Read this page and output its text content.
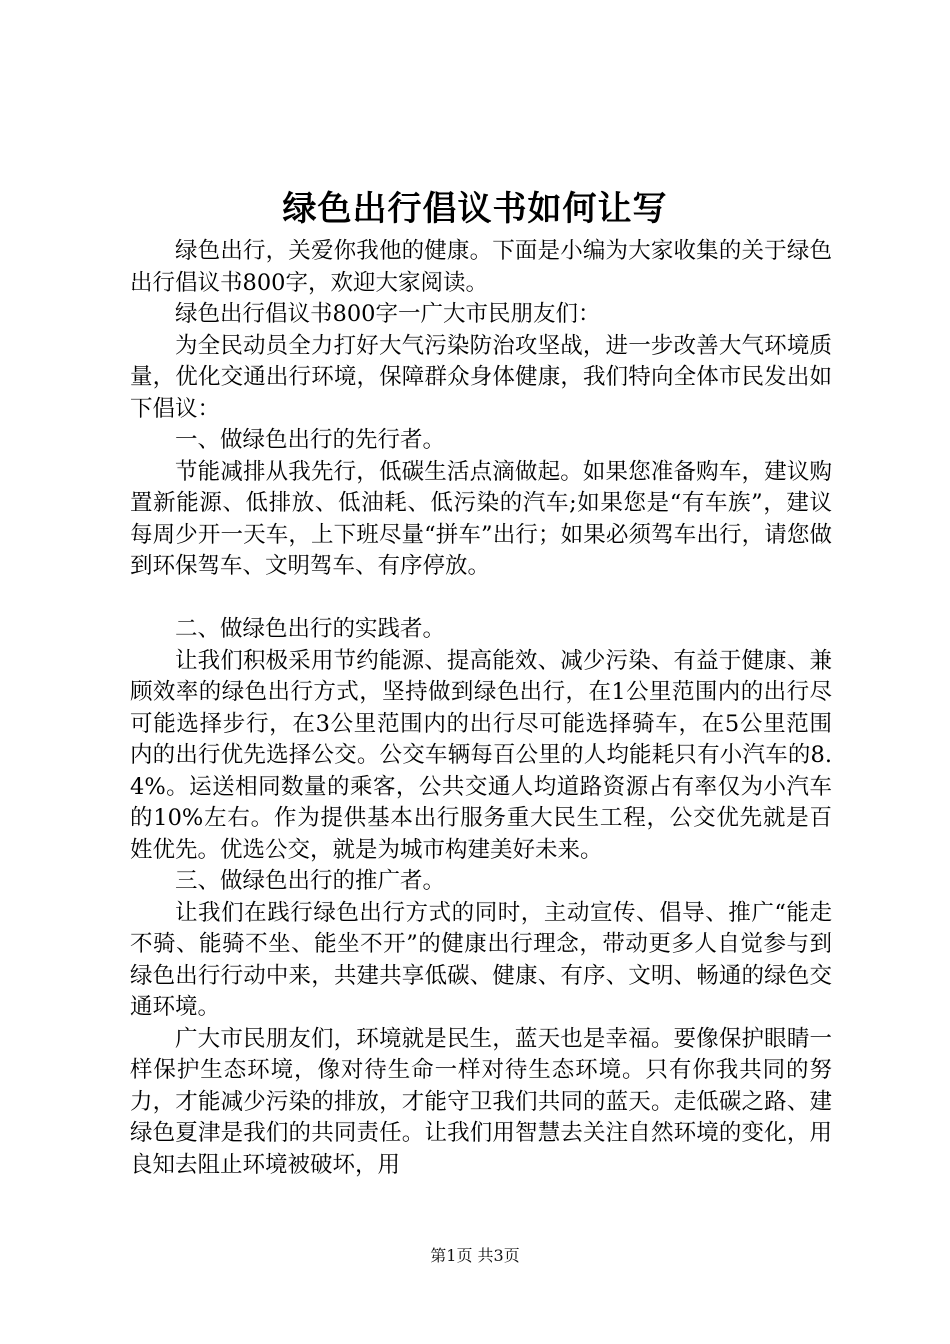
绿色出行倡议书如何让写

绿色出行，关爱你我他的健康。下面是小编为大家收集的关于绿色出行倡议书800字，欢迎大家阅读。

绿色出行倡议书800字一广大市民朋友们：

为全民动员全力打好大气污染防治攻坚战，进一步改善大气环境质量，优化交通出行环境，保障群众身体健康，我们特向全体市民发出如下倡议：

一、做绿色出行的先行者。

节能减排从我先行，低碳生活点滴做起。如果您准备购车，建议购置新能源、低排放、低油耗、低污染的汽车;如果您是“有车族”，建议每周少开一天车，上下班尽量“拼车”出行；如果必须驾车出行，请您做到环保驾车、文明驾车、有序停放。

二、做绿色出行的实践者。

让我们积极采用节约能源、提高能效、减少污染、有益于健康、兼顾效率的绿色出行方式，坚持做到绿色出行，在1公里范围内的出行尽可能选择步行，在3公里范围内的出行尽可能选择骑车，在5公里范围内的出行优先选择公交。公交车辆每百公里的人均能耗只有小汽车的8.4%。运送相同数量的乘客，公共交通人均道路资源占有率仅为小汽车的10%左右。作为提供基本出行服务重大民生工程，公交优先就是百姓优先。优选公交，就是为城市构建美好未来。

三、做绿色出行的推广者。

让我们在践行绿色出行方式的同时，主动宣传、倡导、推广“能走不骑、能骑不坐、能坐不开”的健康出行理念，带动更多人自觉参与到绿色出行行动中来，共建共享低碳、健康、有序、文明、畅通的绿色交通环境。

广大市民朋友们，环境就是民生，蓝天也是幸福。要像保护眼睛一样保护生态环境，像对待生命一样对待生态环境。只有你我共同的努力，才能减少污染的排放，才能守卫我们共同的蓝天。走低碳之路、建绿色夏津是我们的共同责任。让我们用智慧去关注自然环境的变化，用良知去阻止环境被破坏，用

第1页 共3页
